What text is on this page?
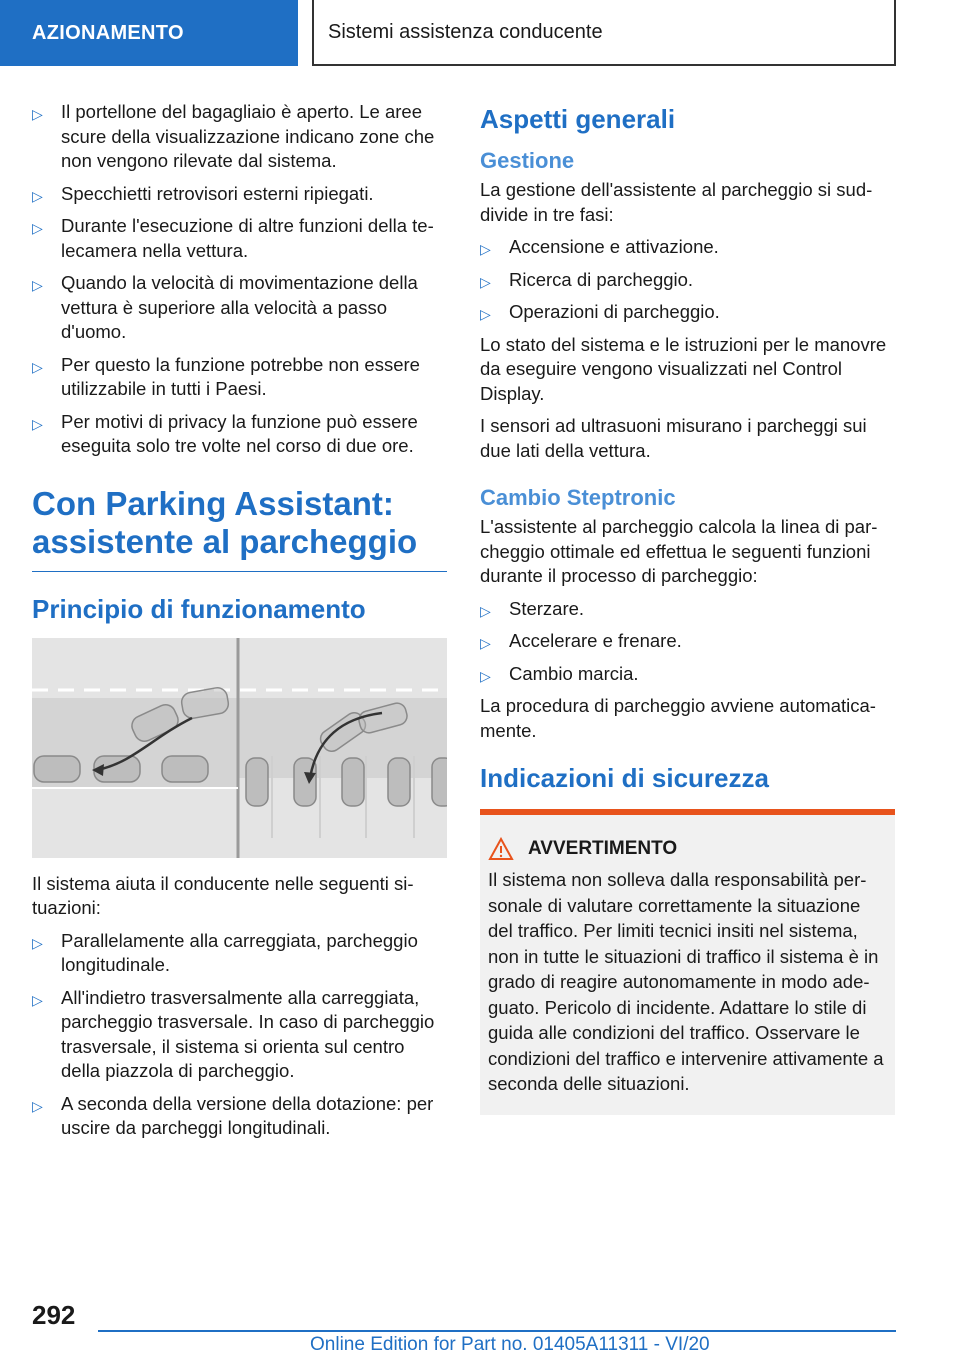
AZIONAMENTO	Sistemi assistenza conducente
▷ Il portellone del bagagliaio è aperto. Le aree scure della visualizzazione indicano zone che non vengono rilevate dal sistema.
▷ Specchietti retrovisori esterni ripiegati.
▷ Durante l'esecuzione di altre funzioni della telecamera nella vettura.
▷ Quando la velocità di movimentazione della vettura è superiore alla velocità a passo d'uomo.
▷ Per questo la funzione potrebbe non essere utilizzabile in tutti i Paesi.
▷ Per motivi di privacy la funzione può essere eseguita solo tre volte nel corso di due ore.
Con Parking Assistant: assistente al parcheggio
Principio di funzionamento

Il sistema aiuta il conducente nelle seguenti situazioni:

▷ Parallelamente alla carreggiata, parcheggio longitudinale.
▷ All'indietro trasversalmente alla carreggiata, parcheggio trasversale. In caso di parcheggio trasversale, il sistema si orienta sul centro della piazzola di parcheggio.
▷ A seconda della versione della dotazione: per uscire da parcheggi longitudinali.
Aspetti generali
Gestione

La gestione dell'assistente al parcheggio si suddivide in tre fasi:

▷ Accensione e attivazione.
▷ Ricerca di parcheggio.
▷ Operazioni di parcheggio.

Lo stato del sistema e le istruzioni per le manovre da eseguire vengono visualizzati nel Control Display.

I sensori ad ultrasuoni misurano i parcheggi sui due lati della vettura.

Cambio Steptronic

L'assistente al parcheggio calcola la linea di parcheggio ottimale ed effettua le seguenti funzioni durante il processo di parcheggio:

▷ Sterzare.
▷ Accelerare e frenare.
▷ Cambio marcia.

La procedura di parcheggio avviene automaticamente.

Indicazioni di sicurezza
AVVERTIMENTO
Il sistema non solleva dalla responsabilità personale di valutare correttamente la situazione del traffico. Per limiti tecnici insiti nel sistema, non in tutte le situazioni di traffico il sistema è in grado di reagire autonomamente in modo adeguato. Pericolo di incidente. Adattare lo stile di guida alle condizioni del traffico. Osservare le condizioni del traffico e intervenire attivamente a seconda delle situazioni.
292
Online Edition for Part no. 01405A11311 - VI/20
